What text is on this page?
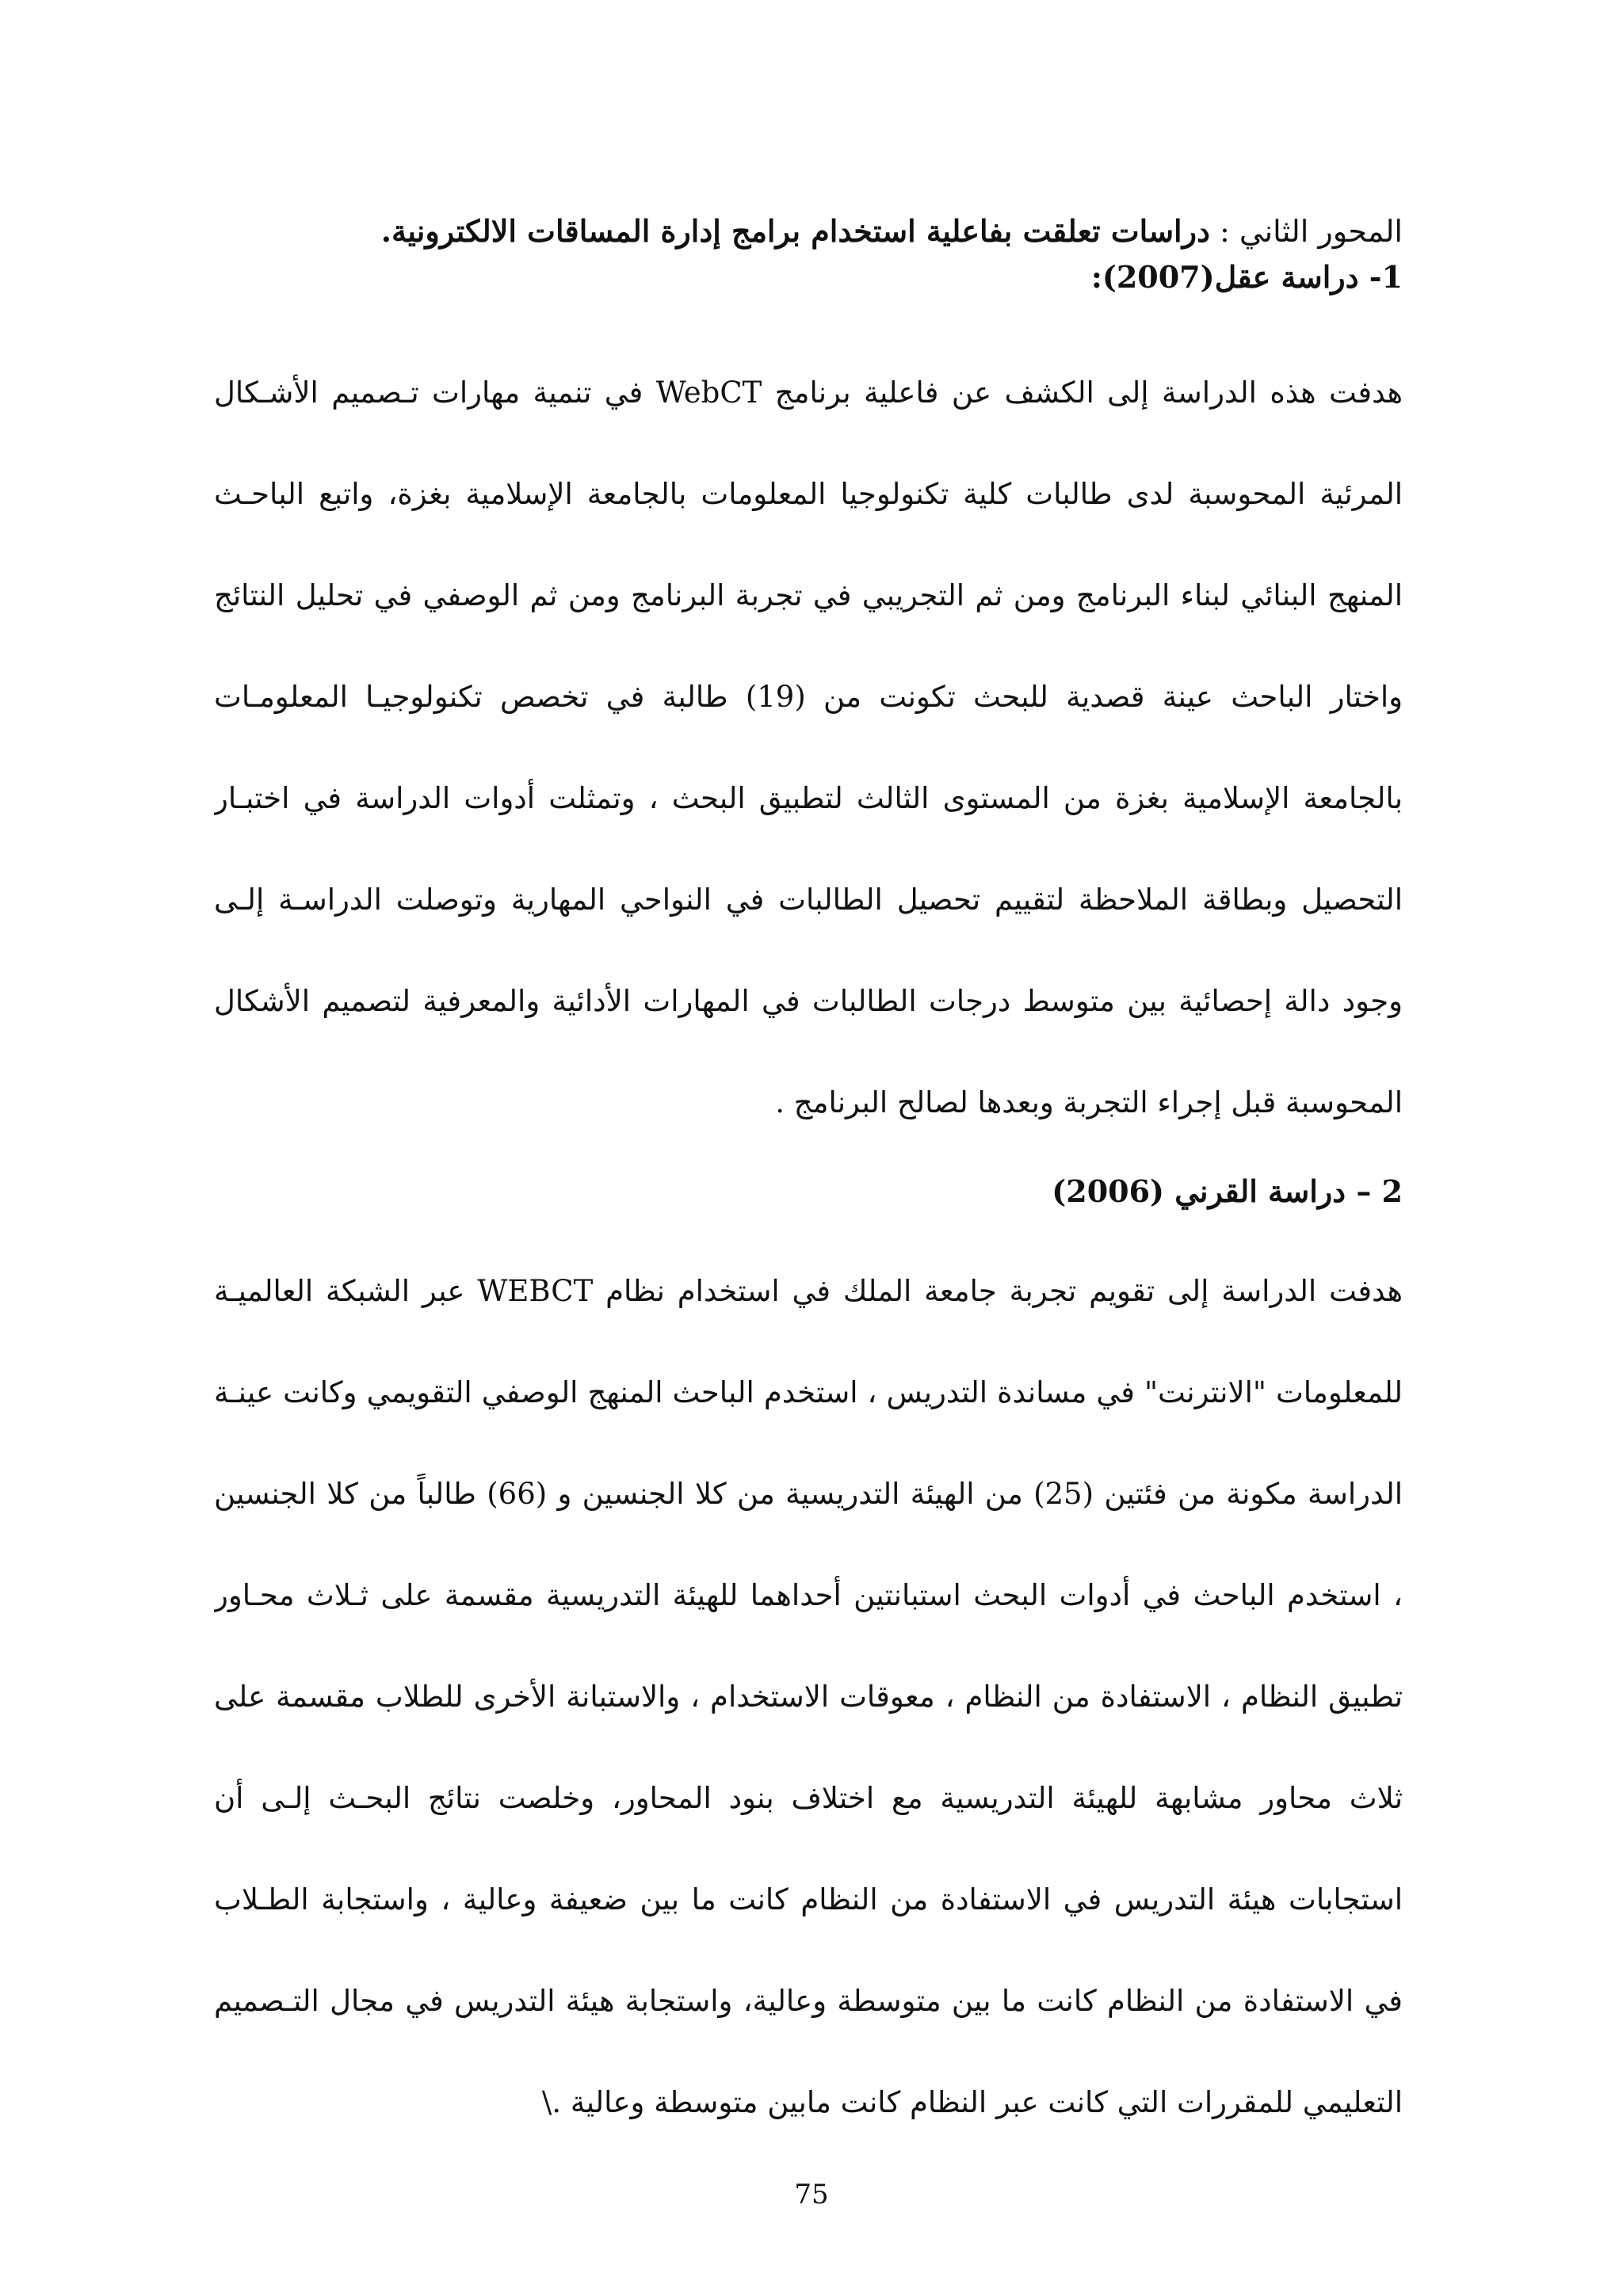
المحور الثاني : دراسات تعلقت بفاعلية استخدام برامج إدارة المساقات الالكترونية.
1- دراسة عقل(2007):
هدفت هذه الدراسة إلى الكشف عن فاعلية برنامج WebCT في تنمية مهارات تـصميم الأشـكال
المرئية المحوسبة لدى طالبات كلية تكنولوجيا المعلومات بالجامعة الإسلامية بغزة، واتبع الباحـث
المنهج البنائي لبناء البرنامج ومن ثم التجريبي في تجربة البرنامج ومن ثم الوصفي في تحليل النتائج
واختار الباحث عينة قصدية للبحث تكونت من (19) طالبة في تخصص تكنولوجيـا المعلومـات
بالجامعة الإسلامية بغزة من المستوى الثالث لتطبيق البحث ، وتمثلت أدوات الدراسة في اختبـار
التحصيل وبطاقة الملاحظة لتقييم تحصيل الطالبات في النواحي المهارية وتوصلت الدراسـة إلـى
وجود دالة إحصائية بين متوسط درجات الطالبات في المهارات الأدائية والمعرفية لتصميم الأشكال
المحوسبة قبل إجراء التجربة وبعدها لصالح البرنامج .
2 – دراسة القرني (2006)
هدفت الدراسة إلى تقويم تجربة جامعة الملك في استخدام نظام WEBCT عبر الشبكة العالميـة
للمعلومات "الانترنت" في مساندة التدريس ، استخدم الباحث المنهج الوصفي التقويمي وكانت عينـة
الدراسة مكونة من فئتين (25) من الهيئة التدريسية من كلا الجنسين و (66) طالباً من كلا الجنسين
، استخدم الباحث في أدوات البحث استبانتين أحداهما للهيئة التدريسية مقسمة على ثـلاث محـاور
تطبيق النظام ، الاستفادة من النظام ، معوقات الاستخدام ، والاستبانة الأخرى للطلاب مقسمة على
ثلاث محاور مشابهة للهيئة التدريسية مع اختلاف بنود المحاور، وخلصت نتائج البحـث إلـى أن
استجابات هيئة التدريس في الاستفادة من النظام كانت ما بين ضعيفة وعالية ، واستجابة الطـلاب
في الاستفادة من النظام كانت ما بين متوسطة وعالية، واستجابة هيئة التدريس في مجال التـصميم
التعليمي للمقررات التي كانت عبر النظام كانت مابين متوسطة وعالية .\
75
